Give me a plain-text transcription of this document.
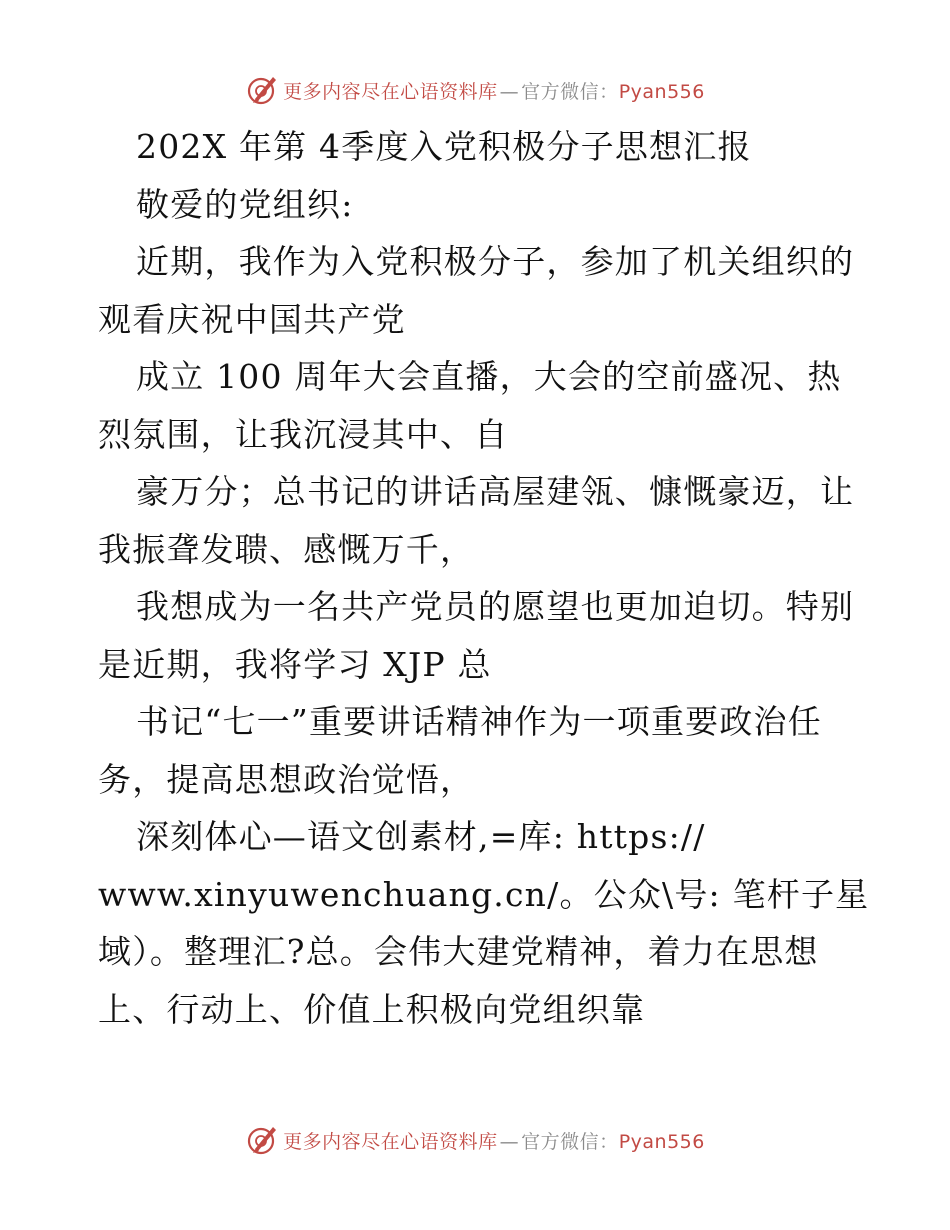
更多内容尽在心语资料库 — 官方微信：Pyan556
202X 年第 4季度入党积极分子思想汇报
敬爱的党组织:
近期，我作为入党积极分子，参加了机关组织的
观看庆祝中国共产党
成立 100 周年大会直播，大会的空前盛况、热
烈氛围，让我沉浸其中、自
豪万分；总书记的讲话高屋建瓴、慷慨豪迈，让
我振聋发聩、感慨万千，
我想成为一名共产党员的愿望也更加迫切。特别
是近期，我将学习 XJP 总
书记“七一”重要讲话精神作为一项重要政治任
务，提高思想政治觉悟，
深刻体心—语文创素材,=库: https://
www.xinyuwenchuang.cn/。公众\号: 笔杆子星
域）。整理汇?总。会伟大建党精神，着力在思想
上、行动上、价值上积极向党组织靠
更多内容尽在心语资料库 — 官方微信：Pyan556
